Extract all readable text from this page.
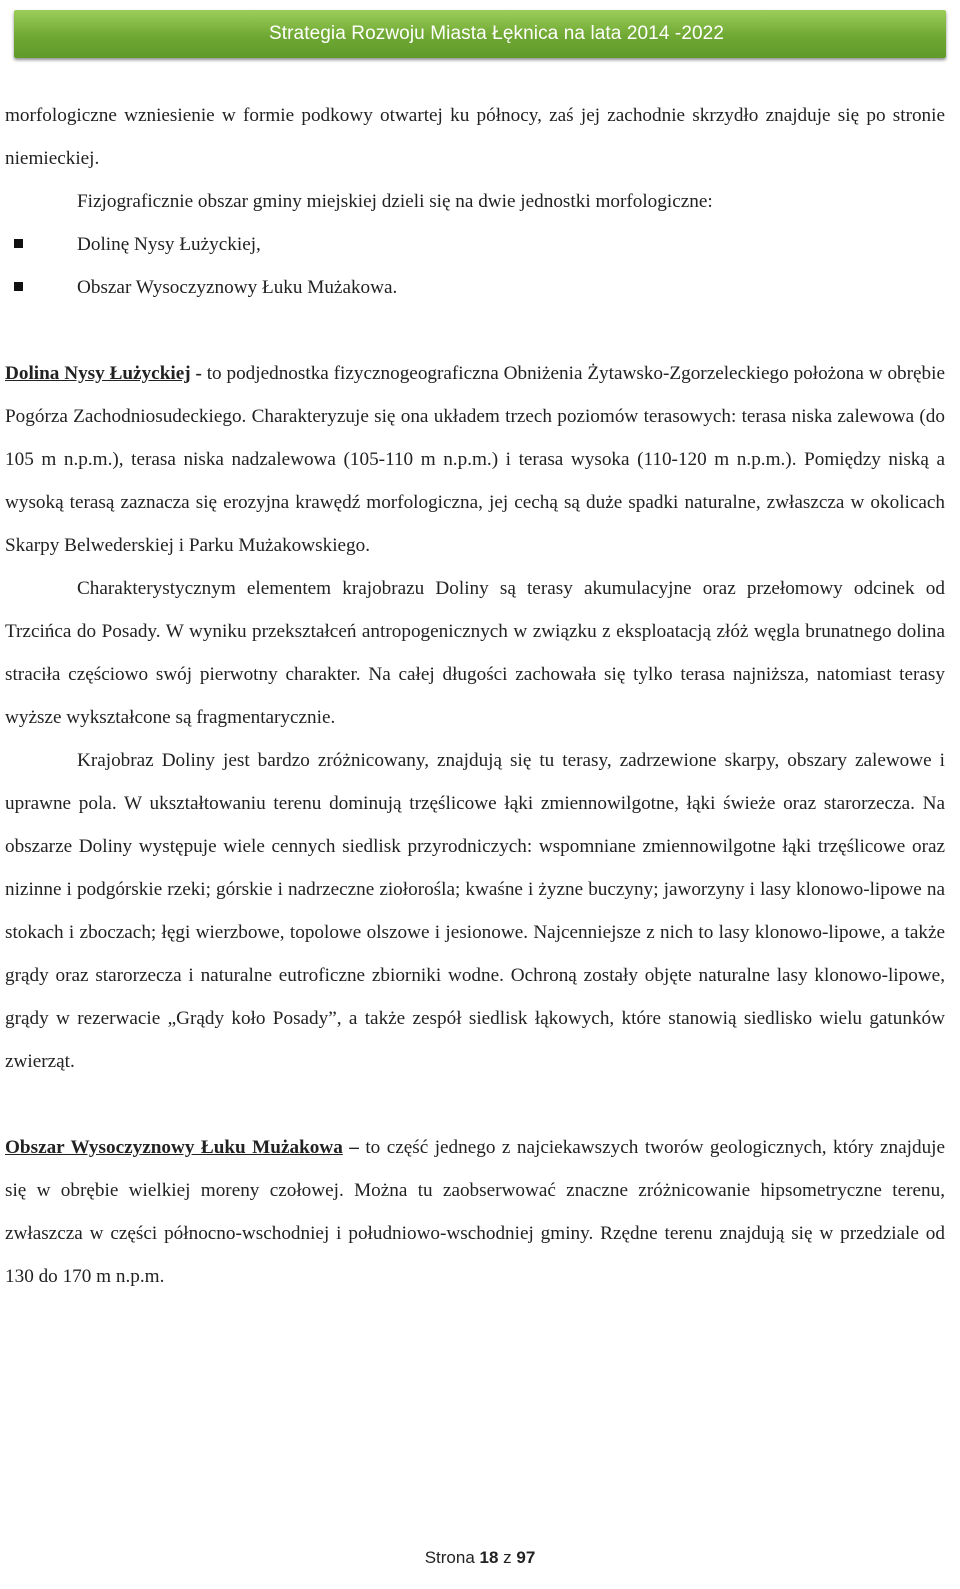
Strategia Rozwoju Miasta Łęknica na lata 2014 -2022

morfologiczne wzniesienie w formie podkowy otwartej ku północy, zaś jej zachodnie skrzydło znajduje się po stronie niemieckiej.

Fizjograficznie obszar gminy miejskiej dzieli się na dwie jednostki morfologiczne:

Dolinę Nysy Łużyckiej,
Obszar Wysoczyznowy Łuku Mużakowa.

Dolina Nysy Łużyckiej - to podjednostka fizycznogeograficzna Obniżenia Żytawsko-Zgorzeleckiego położona w obrębie Pogórza Zachodniosudeckiego. Charakteryzuje się ona układem trzech poziomów terasowych: terasa niska zalewowa (do 105 m n.p.m.), terasa niska nadzalewowa (105-110 m n.p.m.) i terasa wysoka (110-120 m n.p.m.). Pomiędzy niską a wysoką terasą zaznacza się erozyjna krawędź morfologiczna, jej cechą są duże spadki naturalne, zwłaszcza w okolicach Skarpy Belwederskiej i Parku Mużakowskiego.

Charakterystycznym elementem krajobrazu Doliny są terasy akumulacyjne oraz przełomowy odcinek od Trzcińca do Posady. W wyniku przekształceń antropogenicznych w związku z eksploatacją złóż węgla brunatnego dolina straciła częściowo swój pierwotny charakter. Na całej długości zachowała się tylko terasa najniższa, natomiast terasy wyższe wykształcone są fragmentarycznie.

Krajobraz Doliny jest bardzo zróżnicowany, znajdują się tu terasy, zadrzewione skarpy, obszary zalewowe i uprawne pola. W ukształtowaniu terenu dominują trzęślicowe łąki zmiennowilgotne, łąki świeże oraz starorzecza. Na obszarze Doliny występuje wiele cennych siedlisk przyrodniczych: wspomniane zmiennowilgotne łąki trzęślicowe oraz nizinne i podgórskie rzeki; górskie i nadrzeczne ziołorośla; kwaśne i żyzne buczyny; jaworzyny i lasy klonowo-lipowe na stokach i zboczach; łęgi wierzbowe, topolowe olszowe i jesionowe. Najcenniejsze z nich to lasy klonowo-lipowe, a także grądy oraz starorzecza i naturalne eutroficzne zbiorniki wodne. Ochroną zostały objęte naturalne lasy klonowo-lipowe, grądy w rezerwacie „Grądy koło Posady”, a także zespół siedlisk łąkowych, które stanowią siedlisko wielu gatunków zwierząt.

Obszar Wysoczyznowy Łuku Mużakowa – to część jednego z najciekawszych tworów geologicznych, który znajduje się w obrębie wielkiej moreny czołowej. Można tu zaobserwować znaczne zróżnicowanie hipsometryczne terenu, zwłaszcza w części północno-wschodniej i południowo-wschodniej gminy. Rzędne terenu znajdują się w przedziale od 130 do 170 m n.p.m.

Strona 18 z 97
